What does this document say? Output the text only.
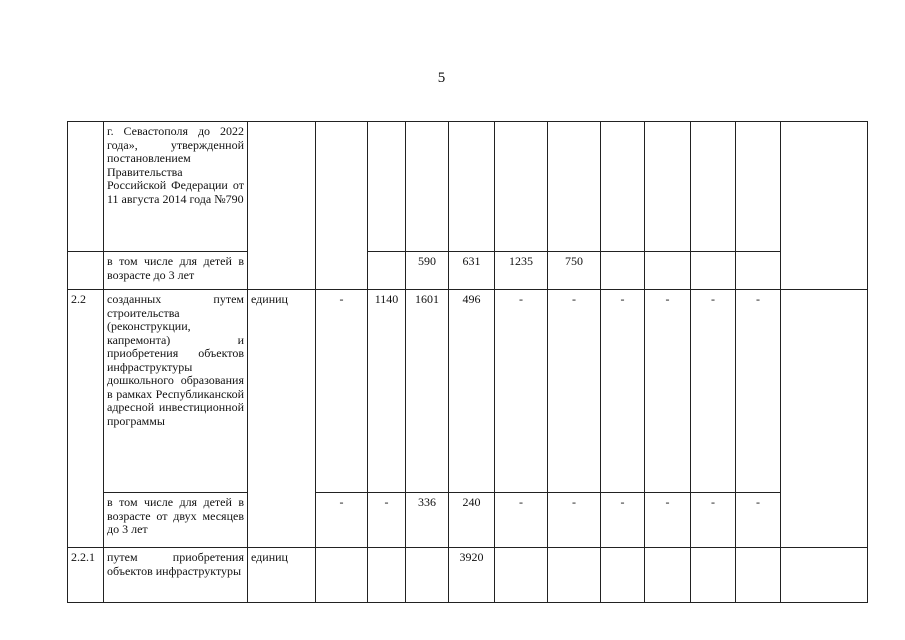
5
	г. Севастополя до 2022 года», утвержденной постановлением Правительства Российской Федерации от 11 августа 2014 года №790												
	в том числе для детей в возрасте до 3 лет				590	631	1235	750					
2.2	созданных путем строительства (реконструкции, капремонта) и приобретения объектов инфраструктуры дошкольного образования в рамках Республиканской адресной инвестиционной программы	единиц	-	1140	1601	496	-	-	-	-	-	-	
	в том числе для детей в возрасте от двух месяцев до 3 лет		-	-	336	240	-	-	-	-	-	-	
2.2.1	путем приобретения объектов инфраструктуры	единиц				3920							
